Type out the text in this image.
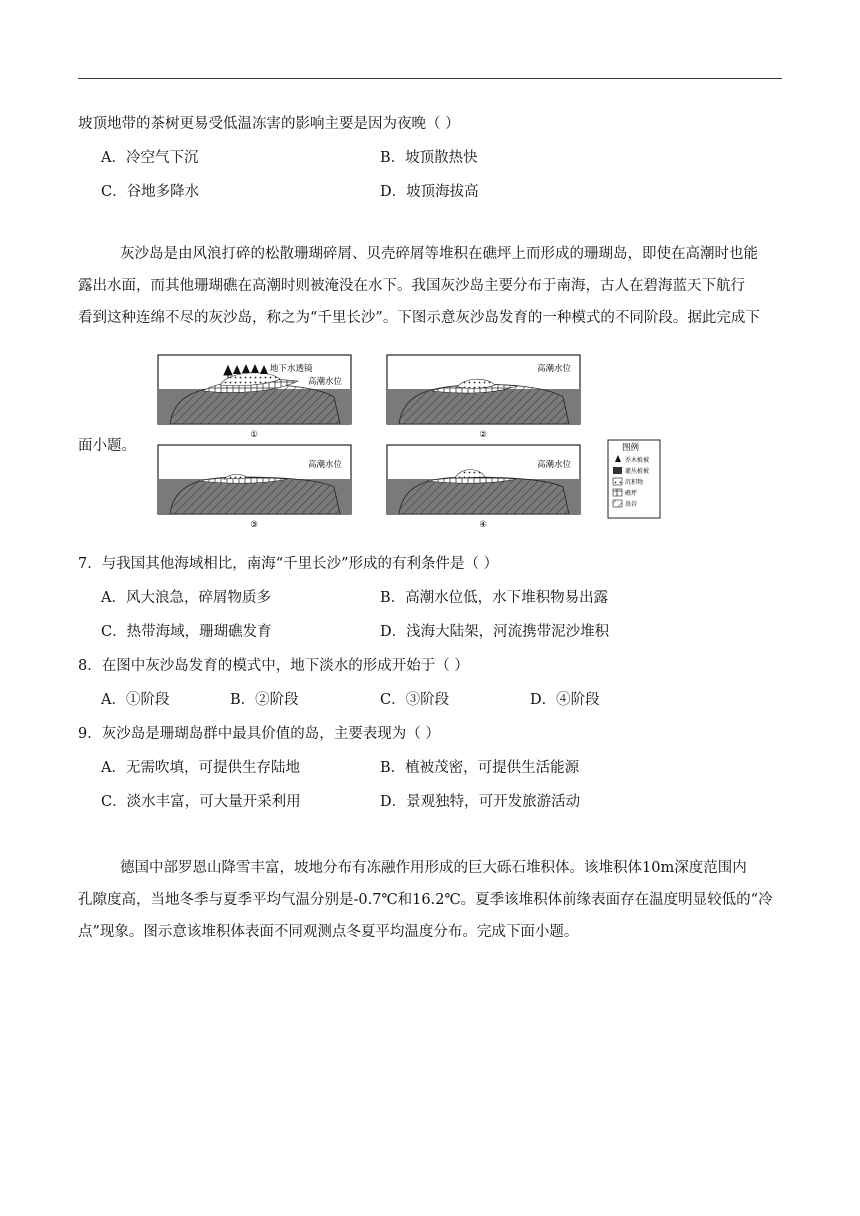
坡顶地带的茶树更易受低温冻害的影响主要是因为夜晚（ ）
A．冷空气下沉	B．坡顶散热快
C．谷地多降水	D．坡顶海拔高
灰沙岛是由风浪打碎的松散珊瑚碎屑、贝壳碎屑等堆积在礁坪上而形成的珊瑚岛，即使在高潮时也能
露出水面，而其他珊瑚礁在高潮时则被淹没在水下。我国灰沙岛主要分布于南海，古人在碧海蓝天下航行
看到这种连绵不尽的灰沙岛，称之为“千里长沙”。下图示意灰沙岛发育的一种模式的不同阶段。据此完成下
面小题。
地下水透镜
高潮水位
①
高潮水位
②
高潮水位
③
高潮水位
④
图例
乔木植被
灌丛植被
沉积物
礁坪
基岩
7．与我国其他海域相比，南海“千里长沙”形成的有利条件是（ ）
A．风大浪急，碎屑物质多	B．高潮水位低，水下堆积物易出露
C．热带海域，珊瑚礁发育	D．浅海大陆架，河流携带泥沙堆积
8．在图中灰沙岛发育的模式中，地下淡水的形成开始于（ ）
A．①阶段	B．②阶段	C．③阶段	D．④阶段
9．灰沙岛是珊瑚岛群中最具价值的岛，主要表现为（ ）
A．无需吹填，可提供生存陆地	B．植被茂密，可提供生活能源
C．淡水丰富，可大量开采利用	D．景观独特，可开发旅游活动
德国中部罗恩山降雪丰富，坡地分布有冻融作用形成的巨大砾石堆积体。该堆积体10m深度范围内
孔隙度高，当地冬季与夏季平均气温分别是-0.7℃和16.2℃。夏季该堆积体前缘表面存在温度明显较低的“冷
点”现象。图示意该堆积体表面不同观测点冬夏平均温度分布。完成下面小题。
